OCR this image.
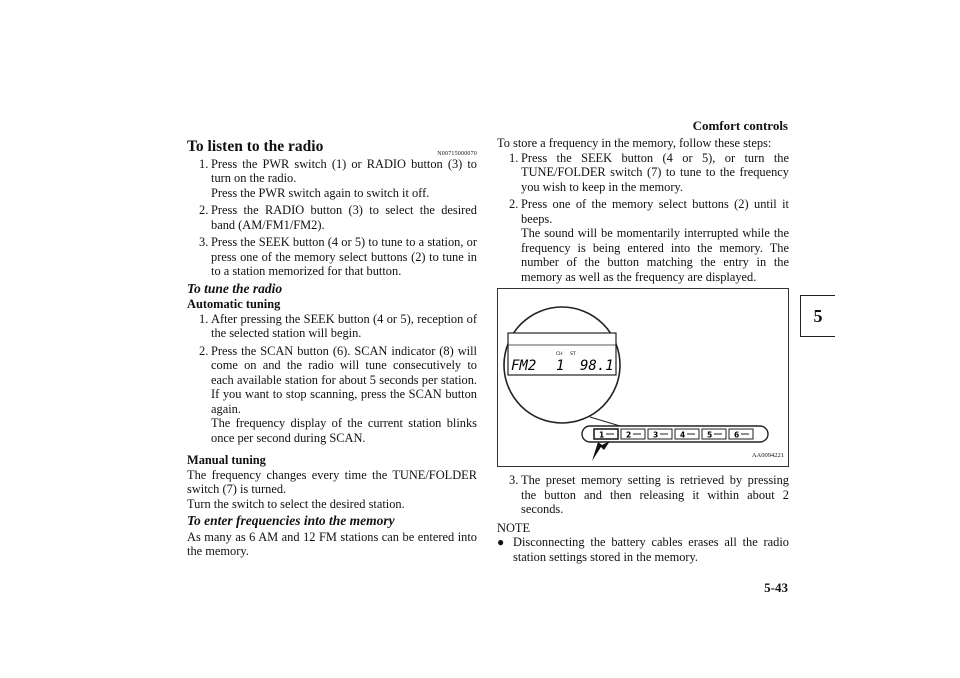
Comfort controls
5
5-43
To listen to the radio	N00715000070
1. Press the PWR switch (1) or RADIO button (3) to turn on the radio.
Press the PWR switch again to switch it off.
2. Press the RADIO button (3) to select the desired band (AM/FM1/FM2).
3. Press the SEEK button (4 or 5) to tune to a station, or press one of the memory select buttons (2) to tune in to a station memorized for that button.
To tune the radio
Automatic tuning
1. After pressing the SEEK button (4 or 5), reception of the selected station will begin.
2. Press the SCAN button (6). SCAN indicator (8) will come on and the radio will tune consecutively to each available station for about 5 seconds per station. If you want to stop scanning, press the SCAN button again.
The frequency display of the current station blinks once per second during SCAN.
Manual tuning

The frequency changes every time the TUNE/FOLDER switch (7) is turned.

Turn the switch to select the desired station.

To enter frequencies into the memory

As many as 6 AM and 12 FM stations can be entered into the memory.

To store a frequency in the memory, follow these steps:

1. Press the SEEK button (4 or 5), or turn the TUNE/FOLDER switch (7) to tune to the frequency you wish to keep in the memory.
2. Press one of the memory select buttons (2) until it beeps.
The sound will be momentarily interrupted while the frequency is being entered into the memory. The number of the button matching the entry in the memory as well as the frequency are displayed.
CH ST
FM2 1 98.1
1	2	3	4	5	6
AA0094221
3. The preset memory setting is retrieved by pressing the button and then releasing it within about 2 seconds.

NOTE

● Disconnecting the battery cables erases all the radio station settings stored in the memory.
